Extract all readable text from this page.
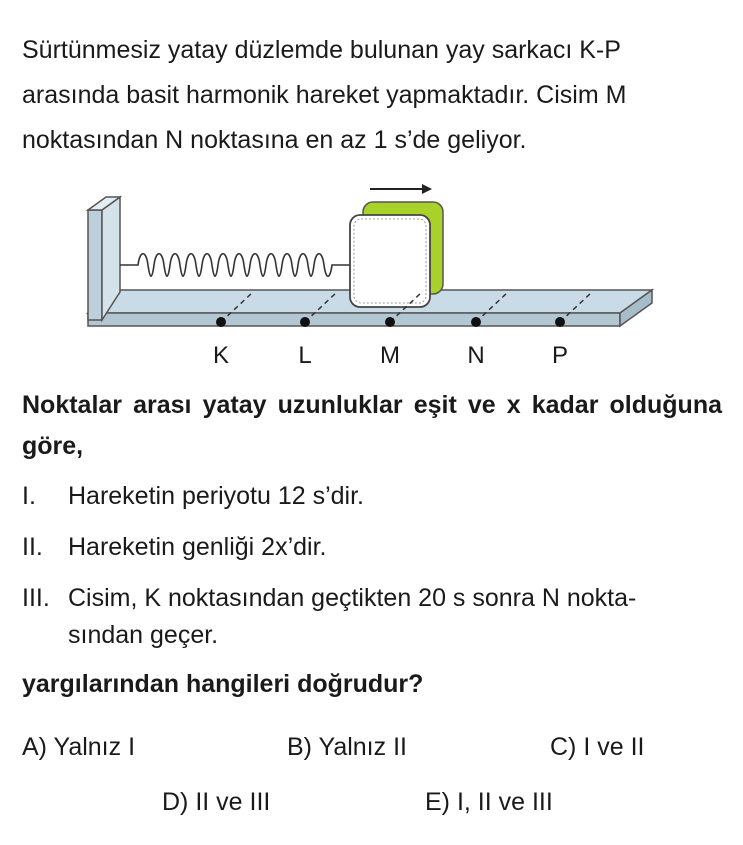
Sürtünmesiz yatay düzlemde bulunan yay sarkacı K-P
arasında basit harmonik hareket yapmaktadır. Cisim M
noktasından N noktasına en az 1 s’de geliyor.

K	L	M	N	P

Noktalar arası yatay uzunluklar eşit ve x kadar olduğuna göre,

I. Hareketin periyotu 12 s’dir.
II. Hareketin genliği 2x’dir.
III. Cisim, K noktasından geçtikten 20 s sonra N nokta-
sından geçer.

yargılarından hangileri doğrudur?

A) Yalnız I	B) Yalnız II	C) I ve II
D) II ve III	E) I, II ve III
